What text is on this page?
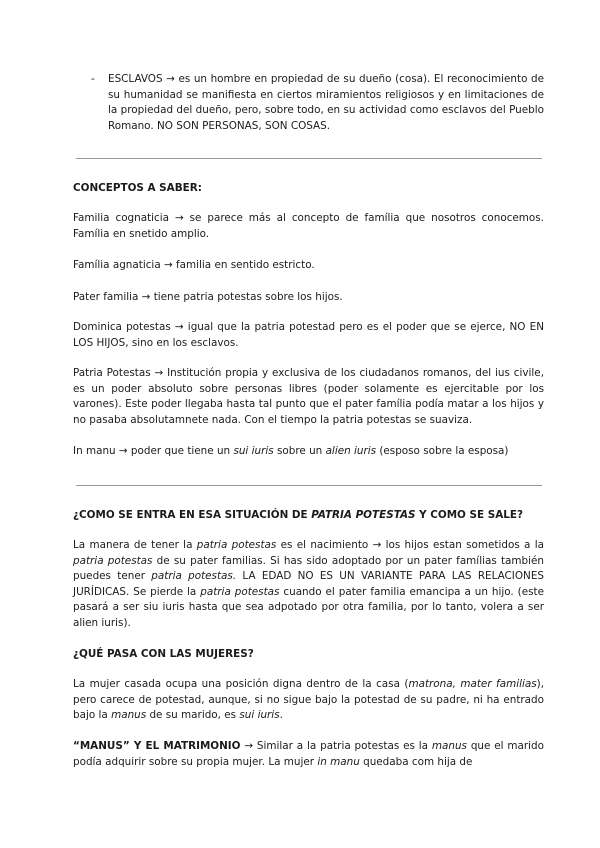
- ESCLAVOS → es un hombre en propiedad de su dueño (cosa). El reconocimiento de su humanidad se manifiesta en ciertos miramientos religiosos y en limitaciones de la propiedad del dueño, pero, sobre todo, en su actividad como esclavos del Pueblo Romano. NO SON PERSONAS, SON COSAS.

CONCEPTOS A SABER:

Familia cognaticia → se parece más al concepto de família que nosotros conocemos. Família en snetido amplio.

Família agnaticia → familia en sentido estricto.

Pater familia → tiene patria potestas sobre los hijos.

Dominica potestas → igual que la patria potestad pero es el poder que se ejerce, NO EN LOS HIJOS, sino en los esclavos.

Patria Potestas → Institución propia y exclusiva de los ciudadanos romanos, del ius civile, es un poder absoluto sobre personas libres (poder solamente es ejercitable por los varones). Este poder llegaba hasta tal punto que el pater família podía matar a los hijos y no pasaba absolutamnete nada. Con el tiempo la patria potestas se suaviza.

In manu → poder que tiene un sui iuris sobre un alien iuris (esposo sobre la esposa)

¿COMO SE ENTRA EN ESA SITUACIÓN DE PATRIA POTESTAS Y COMO SE SALE?

La manera de tener la patria potestas es el nacimiento → los hijos estan sometidos a la patria potestas de su pater familias. Si has sido adoptado por un pater famílias también puedes tener patria potestas. LA EDAD NO ES UN VARIANTE PARA LAS RELACIONES JURÍDICAS. Se pierde la patria potestas cuando el pater familia emancipa a un hijo. (este pasará a ser siu iuris hasta que sea adpotado por otra familia, por lo tanto, volera a ser alien iuris).

¿QUÉ PASA CON LAS MUJERES?

La mujer casada ocupa una posición digna dentro de la casa (matrona, mater familias), pero carece de potestad, aunque, si no sigue bajo la potestad de su padre, ni ha entrado bajo la manus de su marido, es sui iuris.

“MANUS” Y EL MATRIMONIO → Similar a la patria potestas es la manus que el marido podía adquirir sobre su propia mujer. La mujer in manu quedaba com hija de
